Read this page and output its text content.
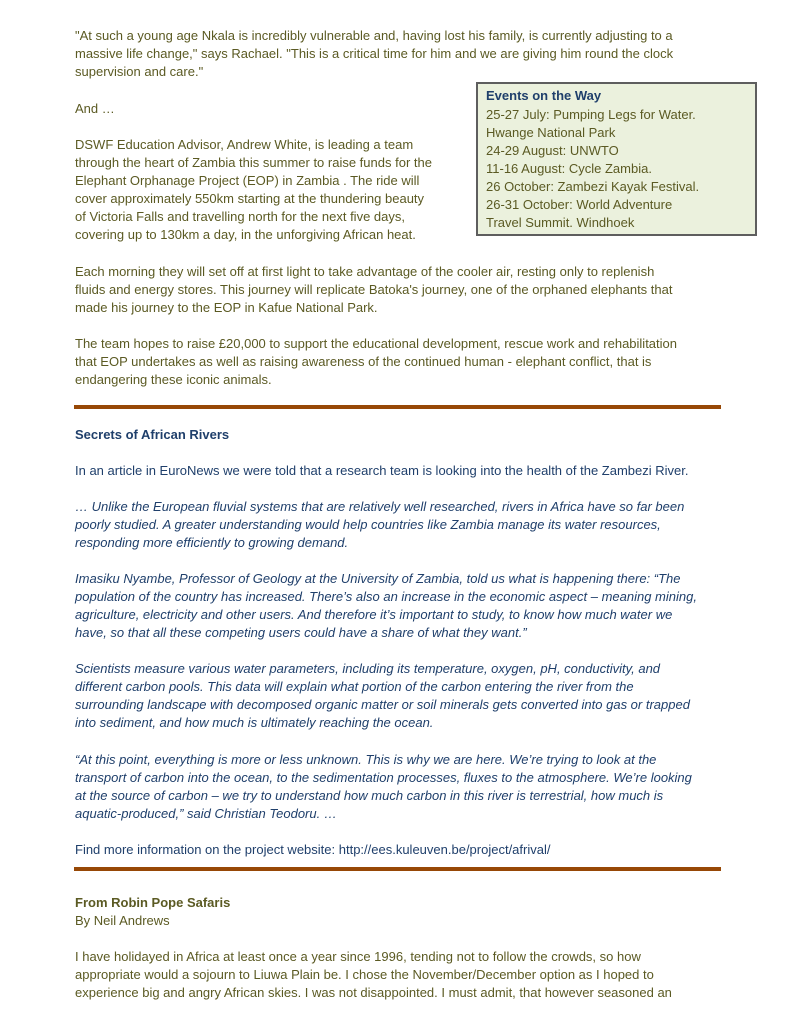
"At such a young age Nkala is incredibly vulnerable and, having lost his family, is currently adjusting to a
massive life change," says Rachael. "This is a critical time for him and we are giving him round the clock
supervision and care."
And …
DSWF Education Advisor, Andrew White, is leading a team
through the heart of Zambia this summer to raise funds for the
Elephant Orphanage Project (EOP) in Zambia . The ride will
cover approximately 550km starting at the thundering beauty
of Victoria Falls and travelling north for the next five days,
covering up to 130km a day, in the unforgiving African heat.
Events on the Way
25-27 July: Pumping Legs for Water.
Hwange National Park
24-29 August: UNWTO
11-16 August: Cycle Zambia.
26 October: Zambezi Kayak Festival.
26-31 October: World Adventure
Travel Summit. Windhoek
Each morning they will set off at first light to take advantage of the cooler air, resting only to replenish
fluids and energy stores. This journey will replicate Batoka's journey, one of the orphaned elephants that
made his journey to the EOP in Kafue National Park.
The team hopes to raise £20,000 to support the educational development, rescue work and rehabilitation
that EOP undertakes as well as raising awareness of the continued human - elephant conflict, that is
endangering these iconic animals.
Secrets of African Rivers
In an article in EuroNews we were told that a research team is looking into the health of the Zambezi River.
… Unlike the European fluvial systems that are relatively well researched, rivers in Africa have so far been
poorly studied. A greater understanding would help countries like Zambia manage its water resources,
responding more efficiently to growing demand.
Imasiku Nyambe, Professor of Geology at the University of Zambia, told us what is happening there: “The
population of the country has increased. There’s also an increase in the economic aspect – meaning mining,
agriculture, electricity and other users. And therefore it’s important to study, to know how much water we
have, so that all these competing users could have a share of what they want.”
Scientists measure various water parameters, including its temperature, oxygen, pH, conductivity, and
different carbon pools. This data will explain what portion of the carbon entering the river from the
surrounding landscape with decomposed organic matter or soil minerals gets converted into gas or trapped
into sediment, and how much is ultimately reaching the ocean.
“At this point, everything is more or less unknown. This is why we are here. We’re trying to look at the
transport of carbon into the ocean, to the sedimentation processes, fluxes to the atmosphere. We’re looking
at the source of carbon – we try to understand how much carbon in this river is terrestrial, how much is
aquatic-produced,” said Christian Teodoru. …
Find more information on the project website: http://ees.kuleuven.be/project/afrival/
From Robin Pope Safaris
By Neil Andrews
I have holidayed in Africa at least once a year since 1996, tending not to follow the crowds, so how
appropriate would a sojourn to Liuwa Plain be. I chose the November/December option as I hoped to
experience big and angry African skies. I was not disappointed. I must admit, that however seasoned an
